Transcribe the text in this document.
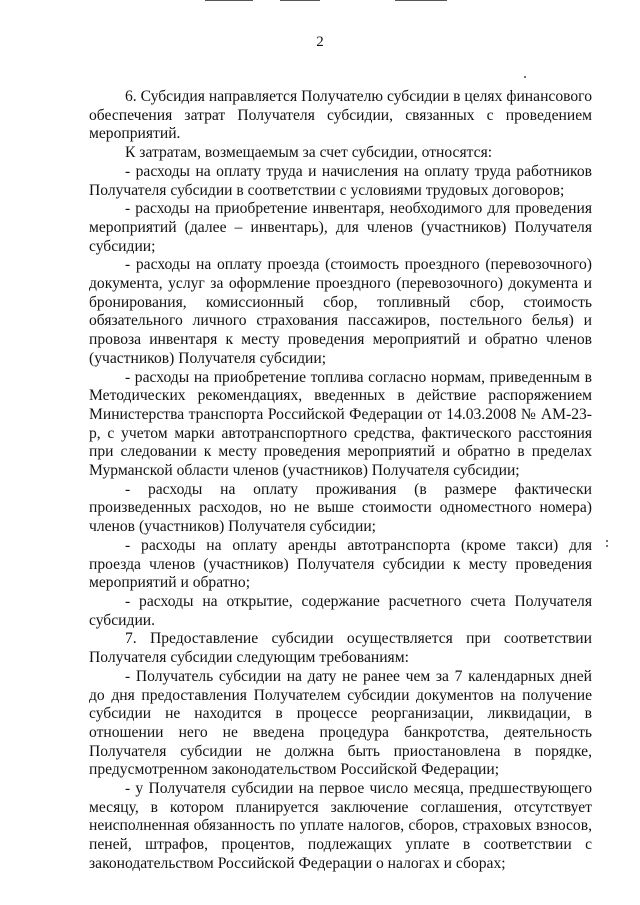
2

6. Субсидия направляется Получателю субсидии в целях финансового обеспечения затрат Получателя субсидии, связанных с проведением мероприятий.

К затратам, возмещаемым за счет субсидии, относятся:

- расходы на оплату труда и начисления на оплату труда работников Получателя субсидии в соответствии с условиями трудовых договоров;

- расходы на приобретение инвентаря, необходимого для проведения мероприятий (далее – инвентарь), для членов (участников) Получателя субсидии;

- расходы на оплату проезда (стоимость проездного (перевозочного) документа, услуг за оформление проездного (перевозочного) документа и бронирования, комиссионный сбор, топливный сбор, стоимость обязательного личного страхования пассажиров, постельного белья) и провоза инвентаря к месту проведения мероприятий и обратно членов (участников) Получателя субсидии;

- расходы на приобретение топлива согласно нормам, приведенным в Методических рекомендациях, введенных в действие распоряжением Министерства транспорта Российской Федерации от 14.03.2008 № АМ-23-р, с учетом марки автотранспортного средства, фактического расстояния при следовании к месту проведения мероприятий и обратно в пределах Мурманской области членов (участников) Получателя субсидии;

- расходы на оплату проживания (в размере фактически произведенных расходов, но не выше стоимости одноместного номера) членов (участников) Получателя субсидии;

- расходы на оплату аренды автотранспорта (кроме такси) для проезда членов (участников) Получателя субсидии к месту проведения мероприятий и обратно;

- расходы на открытие, содержание расчетного счета Получателя субсидии.

7. Предоставление субсидии осуществляется при соответствии Получателя субсидии следующим требованиям:

- Получатель субсидии на дату не ранее чем за 7 календарных дней до дня предоставления Получателем субсидии документов на получение субсидии не находится в процессе реорганизации, ликвидации, в отношении него не введена процедура банкротства, деятельность Получателя субсидии не должна быть приостановлена в порядке, предусмотренном законодательством Российской Федерации;

- у Получателя субсидии на первое число месяца, предшествующего месяцу, в котором планируется заключение соглашения, отсутствует неисполненная обязанность по уплате налогов, сборов, страховых взносов, пеней, штрафов, процентов, подлежащих уплате в соответствии с законодательством Российской Федерации о налогах и сборах;
